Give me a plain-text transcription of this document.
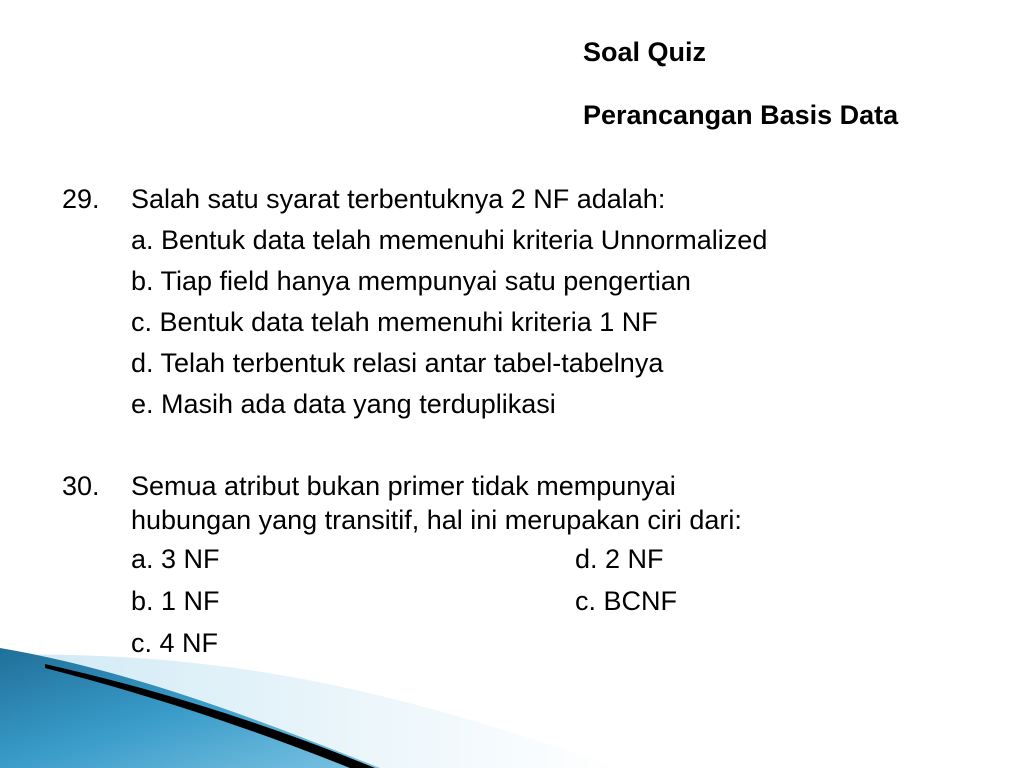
Soal Quiz
Perancangan Basis Data
29. Salah satu syarat terbentuknya 2 NF adalah:
a. Bentuk data telah memenuhi kriteria Unnormalized
b. Tiap field hanya mempunyai satu pengertian
c. Bentuk data telah memenuhi kriteria 1 NF
d. Telah terbentuk relasi antar tabel-tabelnya
e. Masih ada data yang terduplikasi
30. Semua atribut bukan primer tidak mempunyai
hubungan yang transitif, hal ini merupakan ciri dari:
a. 3 NF	d. 2 NF
b. 1 NF	c. BCNF
c. 4 NF
